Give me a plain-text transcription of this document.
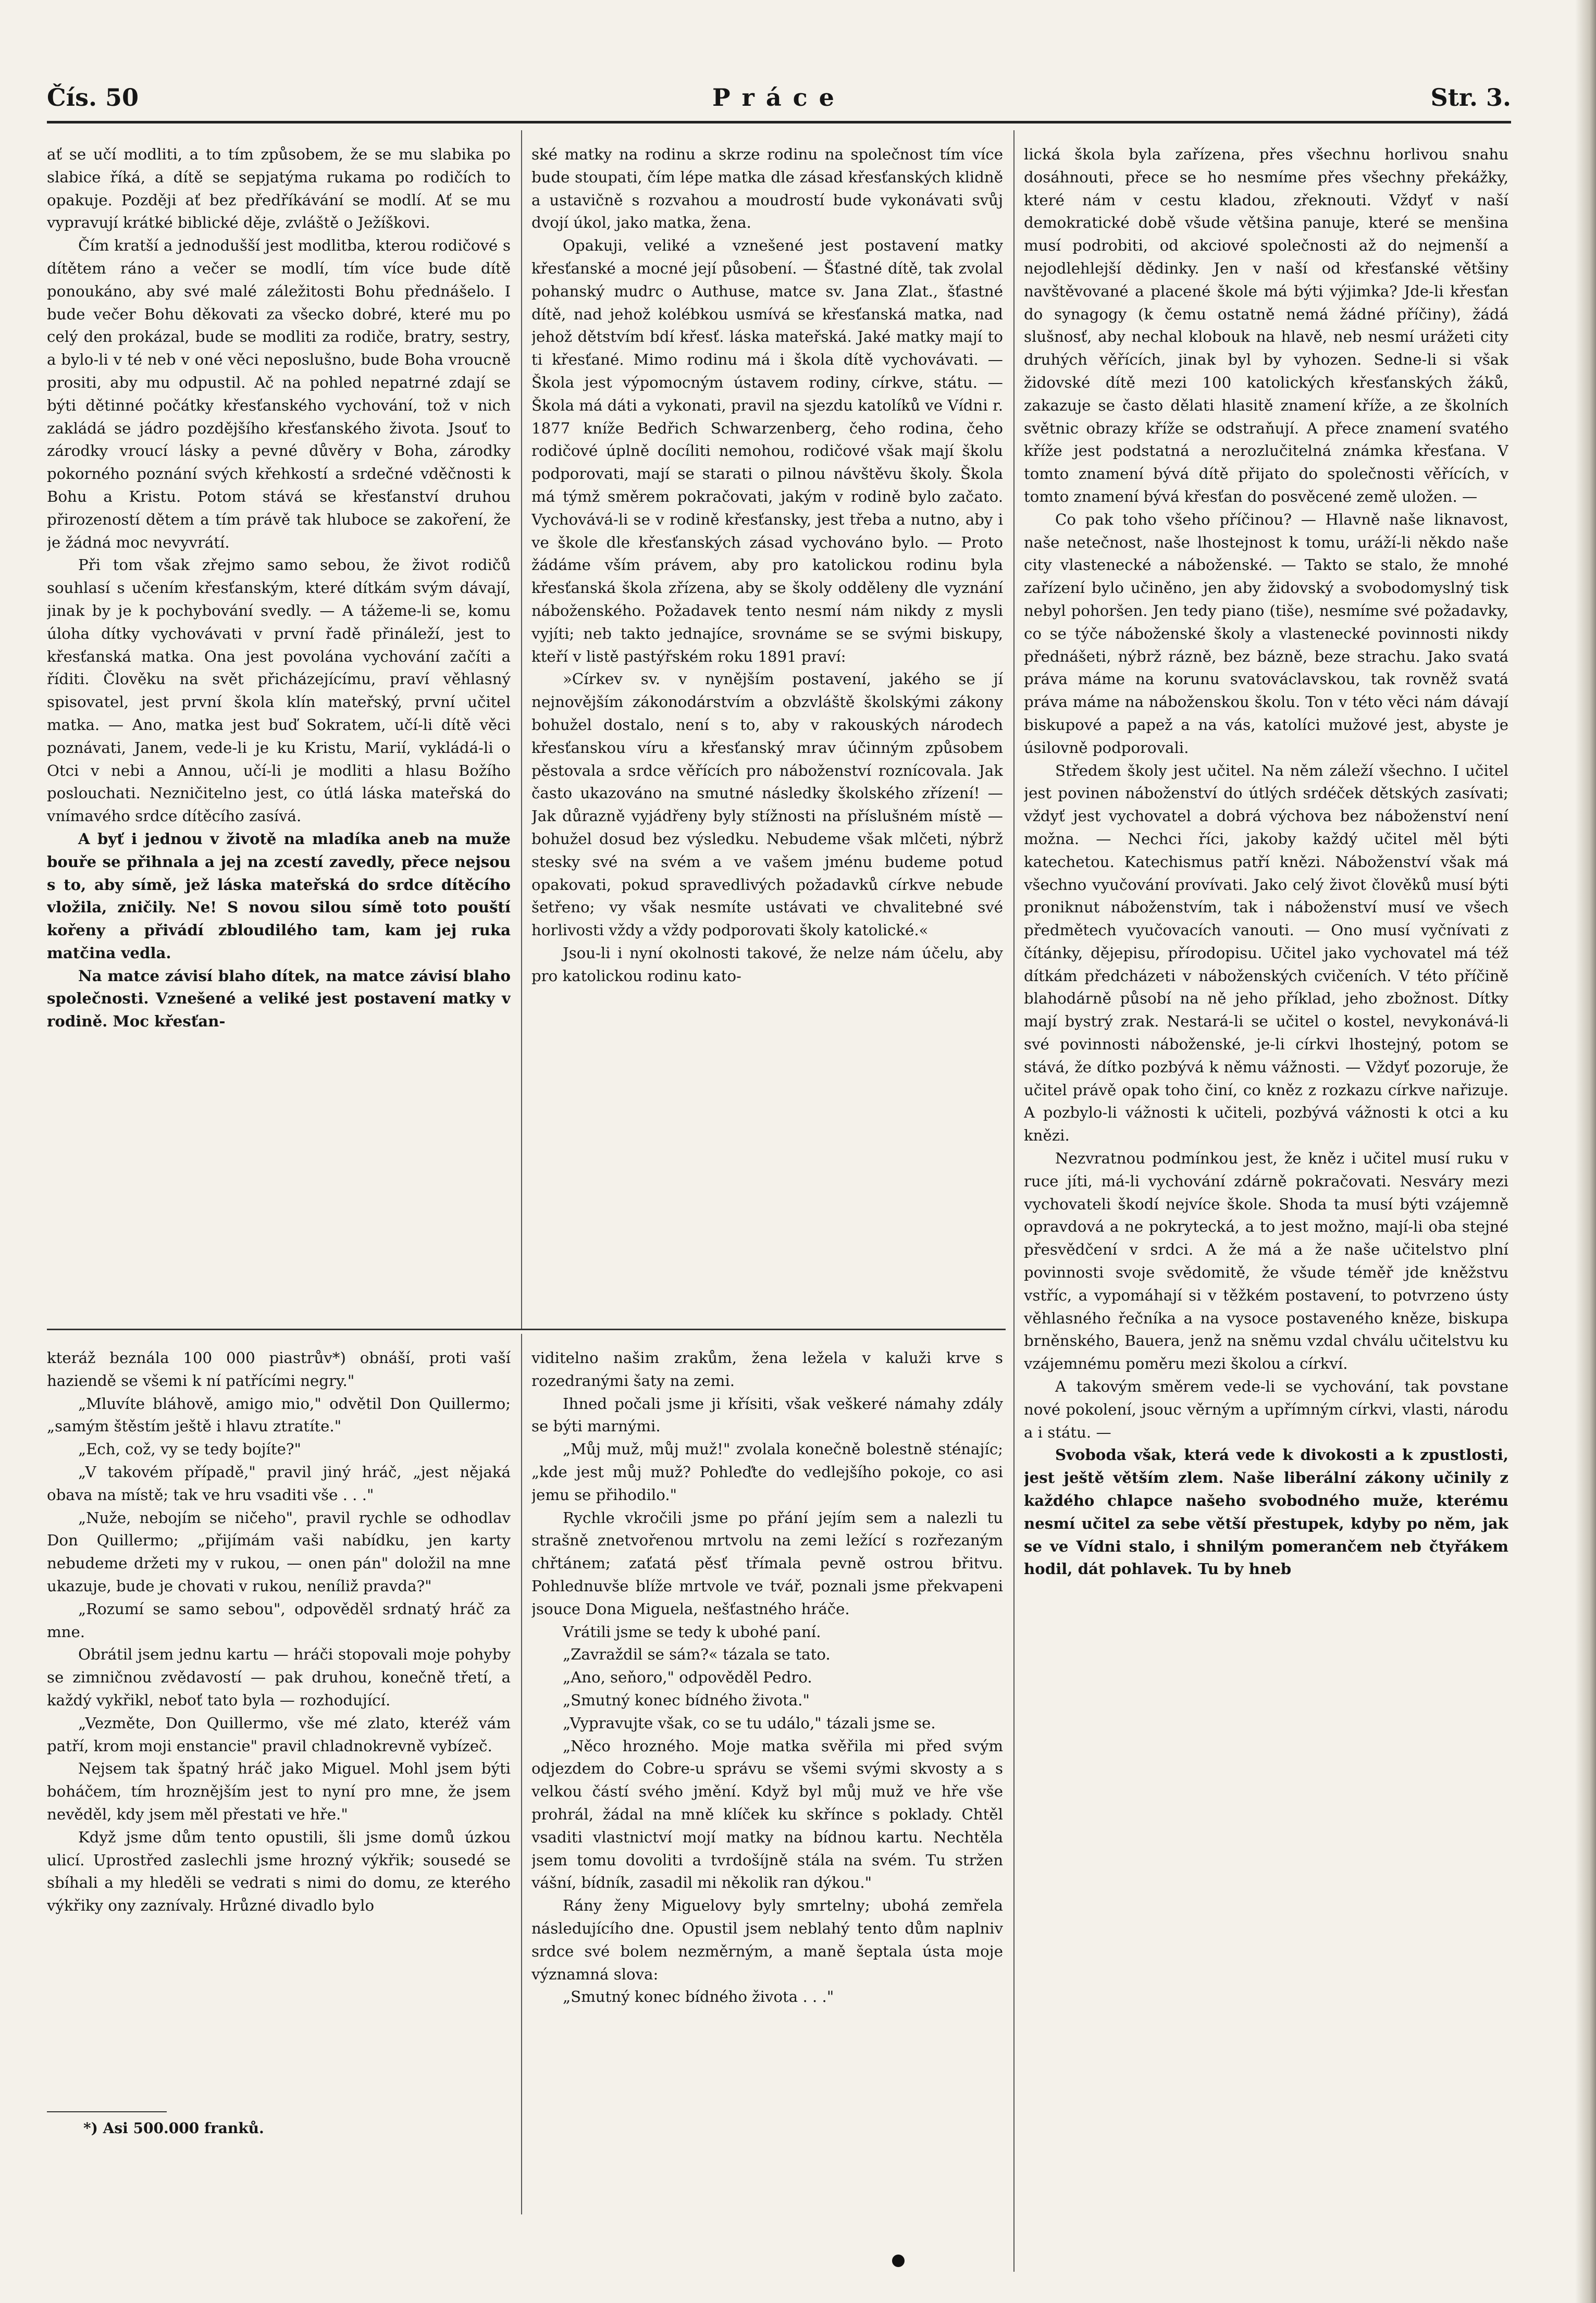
Čís. 50	Práce	Str. 3.

ať se učí modliti, a to tím způsobem, že se mu slabika po slabice říká, a dítě se sepjatýma rukama po rodičích to opakuje. Později ať bez předříkávání se modlí. Ať se mu vypravují krátké biblické děje, zvláště o Ježíškovi.

Čím kratší a jednodušší jest modlitba, kterou rodičové s dítětem ráno a večer se modlí, tím více bude dítě ponoukáno, aby své malé záležitosti Bohu přednášelo. I bude večer Bohu děkovati za všecko dobré, které mu po celý den prokázal, bude se modliti za rodiče, bratry, sestry, a bylo-li v té neb v oné věci neposlušno, bude Boha vroucně prositi, aby mu odpustil. Ač na pohled nepatrné zdají se býti dětinné počátky křesťanského vychování, tož v nich zakládá se jádro pozdějšího křesťanského života. Jsouť to zárodky vroucí lásky a pevné důvěry v Boha, zárodky pokorného poznání svých křehkostí a srdečné vděčnosti k Bohu a Kristu. Potom stává se křesťanství druhou přirozeností dětem a tím právě tak hluboce se zakoření, že je žádná moc nevyvrátí.

Při tom však zřejmo samo sebou, že život rodičů souhlasí s učením křesťanským, které dítkám svým dávají, jinak by je k pochybování svedly. — A tážeme-li se, komu úloha dítky vychovávati v první řadě přináleží, jest to křesťanská matka. Ona jest povolána vychování začíti a říditi. Člověku na svět přicházejícímu, praví věhlasný spisovatel, jest první škola klín mateřský, první učitel matka. — Ano, matka jest buď Sokratem, učí-li dítě věci poznávati, Janem, vede-li je ku Kristu, Marií, vykládá-li o Otci v nebi a Annou, učí-li je modliti a hlasu Božího poslouchati. Nezničitelno jest, co útlá láska mateřská do vnímavého srdce dítěcího zasívá.

A byť i jednou v životě na mladíka aneb na muže bouře se přihnala a jej na zcestí zavedly, přece nejsou s to, aby símě, jež láska mateřská do srdce dítěcího vložila, zničily. Ne! S novou silou símě toto pouští kořeny a přivádí zbloudilého tam, kam jej ruka matčina vedla.

Na matce závisí blaho dítek, na matce závisí blaho společnosti. Vznešené a veliké jest postavení matky v rodině. Moc křesťan-

ské matky na rodinu a skrze rodinu na společnost tím více bude stoupati, čím lépe matka dle zásad křesťanských klidně a ustavičně s rozvahou a moudrostí bude vykonávati svůj dvojí úkol, jako matka, žena.

Opakuji, veliké a vznešené jest postavení matky křesťanské a mocné její působení. — Šťastné dítě, tak zvolal pohanský mudrc o Authuse, matce sv. Jana Zlat., šťastné dítě, nad jehož kolébkou usmívá se křesťanská matka, nad jehož dětstvím bdí křesť. láska mateřská. Jaké matky mají to ti křesťané. Mimo rodinu má i škola dítě vychovávati. — Škola jest výpomocným ústavem rodiny, církve, státu. — Škola má dáti a vykonati, pravil na sjezdu katolíků ve Vídni r. 1877 kníže Bedřich Schwarzenberg, čeho rodina, čeho rodičové úplně docíliti nemohou, rodičové však mají školu podporovati, mají se starati o pilnou návštěvu školy. Škola má týmž směrem pokračovati, jakým v rodině bylo začato. Vychovává-li se v rodině křesťansky, jest třeba a nutno, aby i ve škole dle křesťanských zásad vychováno bylo. — Proto žádáme vším právem, aby pro katolickou rodinu byla křesťanská škola zřízena, aby se školy odděleny dle vyznání náboženského. Požadavek tento nesmí nám nikdy z mysli vyjíti; neb takto jednajíce, srovnáme se se svými biskupy, kteří v listě pastýřském roku 1891 praví:

»Církev sv. v nynějším postavení, jakého se jí nejnovějším zákonodárstvím a obzvláště školskými zákony bohužel dostalo, není s to, aby v rakouských národech křesťanskou víru a křesťanský mrav účinným způsobem pěstovala a srdce věřících pro náboženství roznícovala. Jak často ukazováno na smutné následky školského zřízení! — Jak důrazně vyjádřeny byly stížnosti na příslušném místě — bohužel dosud bez výsledku. Nebudeme však mlčeti, nýbrž stesky své na svém a ve vašem jménu budeme potud opakovati, pokud spravedlivých požadavků církve nebude šetřeno; vy však nesmíte ustávati ve chvalitebné své horlivosti vždy a vždy podporovati školy katolické.«

Jsou-li i nyní okolnosti takové, že nelze nám účelu, aby pro katolickou rodinu kato-

lická škola byla zařízena, přes všechnu horlivou snahu dosáhnouti, přece se ho nesmíme přes všechny překážky, které nám v cestu kladou, zřeknouti. Vždyť v naší demokratické době všude většina panuje, které se menšina musí podrobiti, od akciové společnosti až do nejmenší a nejodlehlejší dědinky. Jen v naší od křesťanské většiny navštěvované a placené škole má býti výjimka? Jde-li křesťan do synagogy (k čemu ostatně nemá žádné příčiny), žádá slušnosť, aby nechal klobouk na hlavě, neb nesmí urážeti city druhých věřících, jinak byl by vyhozen. Sedne-li si však židovské dítě mezi 100 katolických křesťanských žáků, zakazuje se často dělati hlasitě znamení kříže, a ze školních světnic obrazy kříže se odstraňují. A přece znamení svatého kříže jest podstatná a nerozlučitelná známka křesťana. V tomto znamení bývá dítě přijato do společnosti věřících, v tomto znamení bývá křesťan do posvěcené země uložen. —

Co pak toho všeho příčinou? — Hlavně naše liknavost, naše netečnost, naše lhostejnost k tomu, uráží-li někdo naše city vlastenecké a náboženské. — Takto se stalo, že mnohé zařízení bylo učiněno, jen aby židovský a svobodomyslný tisk nebyl pohoršen. Jen tedy piano (tiše), nesmíme své požadavky, co se týče náboženské školy a vlastenecké povinnosti nikdy přednášeti, nýbrž rázně, bez bázně, beze strachu. Jako svatá práva máme na korunu svatováclavskou, tak rovněž svatá práva máme na náboženskou školu. Ton v této věci nám dávají biskupové a papež a na vás, katolíci mužové jest, abyste je úsilovně podporovali.

Středem školy jest učitel. Na něm záleží všechno. I učitel jest povinen náboženství do útlých srdéček dětských zasívati; vždyť jest vychovatel a dobrá výchova bez náboženství není možna. — Nechci říci, jakoby každý učitel měl býti katechetou. Katechismus patří knězi. Náboženství však má všechno vyučování provívati. Jako celý život člověků musí býti proniknut náboženstvím, tak i náboženství musí ve všech předmětech vyučovacích vanouti. — Ono musí vyčnívati z čítánky, dějepisu, přírodopisu. Učitel jako vychovatel má též dítkám předcházeti v náboženských cvičeních. V této příčině blahodárně působí na ně jeho příklad, jeho zbožnost. Dítky mají bystrý zrak. Nestará-li se učitel o kostel, nevykonává-li své povinnosti náboženské, je-li církvi lhostejný, potom se stává, že dítko pozbývá k němu vážnosti. — Vždyť pozoruje, že učitel právě opak toho činí, co kněz z rozkazu církve nařizuje. A pozbylo-li vážnosti k učiteli, pozbývá vážnosti k otci a ku knězi.

Nezvratnou podmínkou jest, že kněz i učitel musí ruku v ruce jíti, má-li vychování zdárně pokračovati. Nesváry mezi vychovateli škodí nejvíce škole. Shoda ta musí býti vzájemně opravdová a ne pokrytecká, a to jest možno, mají-li oba stejné přesvědčení v srdci. A že má a že naše učitelstvo plní povinnosti svoje svědomitě, že všude téměř jde kněžstvu vstříc, a vypomáhají si v těžkém postavení, to potvrzeno ústy věhlasného řečníka a na vysoce postaveného kněze, biskupa brněnského, Bauera, jenž na sněmu vzdal chválu učitelstvu ku vzájemnému poměru mezi školou a církví.

A takovým směrem vede-li se vychování, tak povstane nové pokolení, jsouc věrným a upřímným církvi, vlasti, národu a i státu. —

Svoboda však, která vede k divokosti a k zpustlosti, jest ještě větším zlem. Naše liberální zákony učinily z každého chlapce našeho svobodného muže, kterému nesmí učitel za sebe větší přestupek, kdyby po něm, jak se ve Vídni stalo, i shnilým pomerančem neb čtyřákem hodil, dát pohlavek. Tu by hneb

kteráž beznála 100 000 piastrův*) obnáší, proti vaší haziendě se všemi k ní patřícími negry."

„Mluvíte bláhově, amigo mio," odvětil Don Quillermo; „samým štěstím ještě i hlavu ztratíte."

„Ech, což, vy se tedy bojíte?"

„V takovém případě," pravil jiný hráč, „jest nějaká obava na místě; tak ve hru vsaditi vše . . ."

„Nuže, nebojím se ničeho", pravil rychle se odhodlav Don Quillermo; „přijímám vaši nabídku, jen karty nebudeme držeti my v rukou, — onen pán" doložil na mne ukazuje, bude je chovati v rukou, neníliž pravda?"

„Rozumí se samo sebou", odpověděl srdnatý hráč za mne.

Obrátil jsem jednu kartu — hráči stopovali moje pohyby se zimničnou zvědavostí — pak druhou, konečně třetí, a každý vykřikl, neboť tato byla — rozhodující.

„Vezměte, Don Quillermo, vše mé zlato, kteréž vám patří, krom moji enstancie" pravil chladnokrevně vybízeč.

Nejsem tak špatný hráč jako Miguel. Mohl jsem býti boháčem, tím hroznějším jest to nyní pro mne, že jsem nevěděl, kdy jsem měl přestati ve hře."

Když jsme dům tento opustili, šli jsme domů úzkou ulicí. Uprostřed zaslechli jsme hrozný výkřik; sousedé se sbíhali a my hleděli se vedrati s nimi do domu, ze kterého výkřiky ony zaznívaly. Hrůzné divadlo bylo

viditelno našim zrakům, žena ležela v kaluži krve s rozedranými šaty na zemi.

Ihned počali jsme ji křísiti, však veškeré námahy zdály se býti marnými.

„Můj muž, můj muž!" zvolala konečně bolestně sténajíc; „kde jest můj muž? Pohleďte do vedlejšího pokoje, co asi jemu se přihodilo."

Rychle vkročili jsme po přání jejím sem a nalezli tu strašně znetvořenou mrtvolu na zemi ležící s rozřezaným chřtánem; zaťatá pěsť třímala pevně ostrou břitvu. Pohlednuvše blíže mrtvole ve tvář, poznali jsme překvapeni jsouce Dona Miguela, nešťastného hráče.

Vrátili jsme se tedy k ubohé paní.

„Zavraždil se sám?« tázala se tato.

„Ano, seňoro," odpověděl Pedro.

„Smutný konec bídného života."

„Vypravujte však, co se tu událo," tázali jsme se.

„Něco hrozného. Moje matka svěřila mi před svým odjezdem do Cobre-u správu se všemi svými skvosty a s velkou částí svého jmění. Když byl můj muž ve hře vše prohrál, žádal na mně klíček ku skříncе s poklady. Chtěl vsaditi vlastnictví mojí matky na bídnou kartu. Nechtěla jsem tomu dovoliti a tvrdošíjně stála na svém. Tu stržen vášní, bídník, zasadil mi několik ran dýkou."

Rány ženy Miguelovy byly smrtelny; ubohá zemřela následujícího dne. Opustil jsem neblahý tento dům naplniv srdce své bolem nezměrným, a maně šeptala ústa moje významná slova:

„Smutný konec bídného života . . ."

*) Asi 500.000 franků.
